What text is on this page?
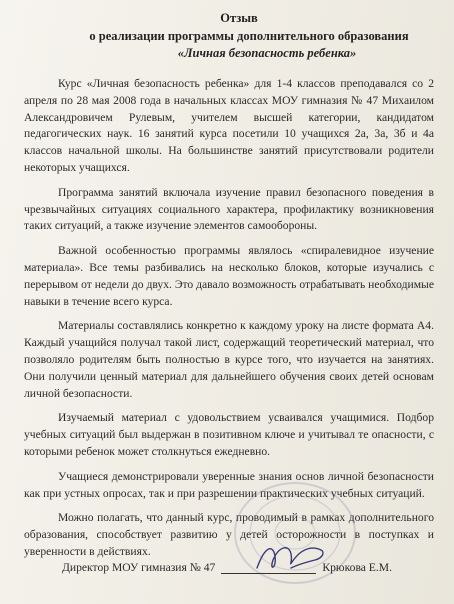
Отзыв
о реализации программы дополнительного образования
«Личная безопасность ребенка»

Курс «Личная безопасность ребенка» для 1-4 классов преподавался со 2 апреля по 28 мая 2008 года в начальных классах МОУ гимназия № 47 Михаилом Александровичем Рулевым, учителем высшей категории, кандидатом педагогических наук. 16 занятий курса посетили 10 учащихся 2а, 3а, 3б и 4а классов начальной школы. На большинстве занятий присутствовали родители некоторых учащихся.

Программа занятий включала изучение правил безопасного поведения в чрезвычайных ситуациях социального характера, профилактику возникновения таких ситуаций, а также изучение элементов самообороны.

Важной особенностью программы являлось «спиралевидное изучение материала». Все темы разбивались на несколько блоков, которые изучались с перерывом от недели до двух. Это давало возможность отрабатывать необходимые навыки в течение всего курса.

Материалы составлялись конкретно к каждому уроку на листе формата А4. Каждый учащийся получал такой лист, содержащий теоретический материал, что позволяло родителям быть полностью в курсе того, что изучается на занятиях. Они получили ценный материал для дальнейшего обучения своих детей основам личной безопасности.

Изучаемый материал с удовольствием усваивался учащимися. Подбор учебных ситуаций был выдержан в позитивном ключе и учитывал те опасности, с которыми ребенок может столкнуться ежедневно.

Учащиеся демонстрировали уверенные знания основ личной безопасности как при устных опросах, так и при разрешении практических учебных ситуаций.

Можно полагать, что данный курс, проводимый в рамках дополнительного образования, способствует развитию у детей осторожности в поступках и уверенности в действиях.

Директор МОУ гимназия № 47	Крюкова Е.М.
